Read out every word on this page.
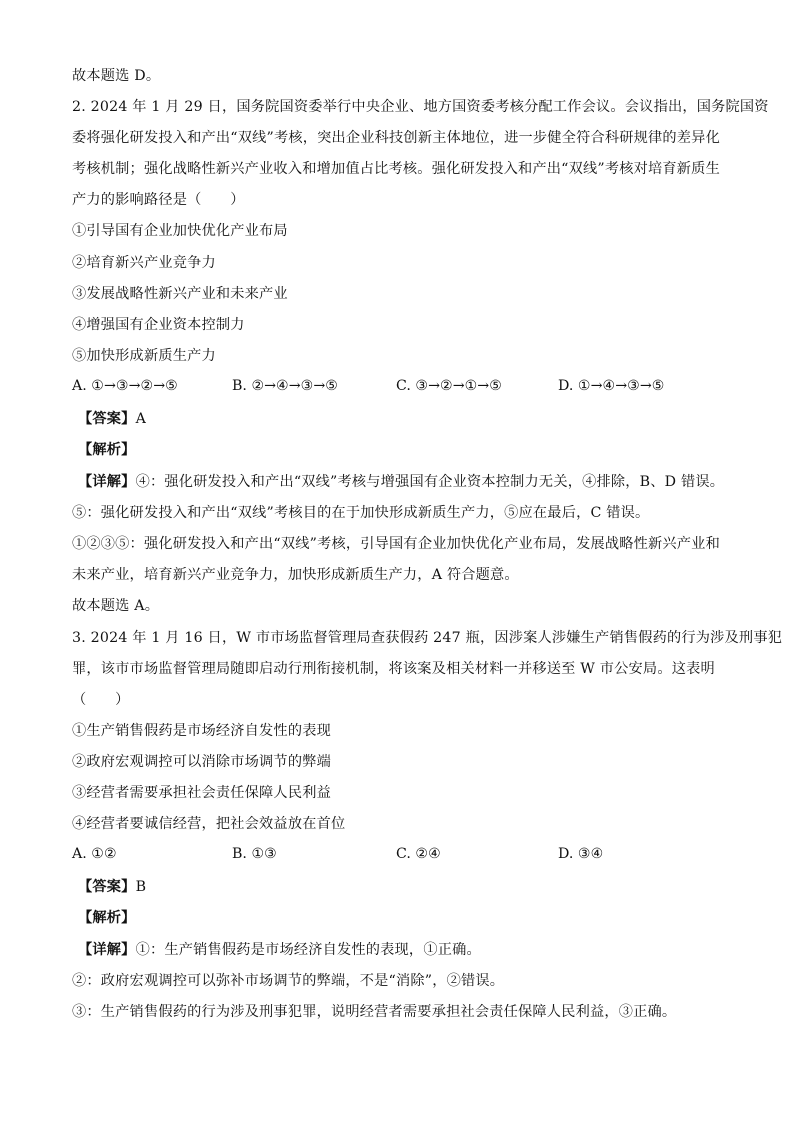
故本题选 D。
2. 2024 年 1 月 29 日，国务院国资委举行中央企业、地方国资委考核分配工作会议。会议指出，国务院国资
委将强化研发投入和产出“双线”考核，突出企业科技创新主体地位，进一步健全符合科研规律的差异化
考核机制；强化战略性新兴产业收入和增加值占比考核。强化研发投入和产出“双线”考核对培育新质生
产力的影响路径是（　　）
①引导国有企业加快优化产业布局
②培育新兴产业竞争力
③发展战略性新兴产业和未来产业
④增强国有企业资本控制力
⑤加快形成新质生产力
A. ①→③→②→⑤	B. ②→④→③→⑤	C. ③→②→①→⑤	D. ①→④→③→⑤
【答案】A
【解析】
【详解】④：强化研发投入和产出“双线”考核与增强国有企业资本控制力无关，④排除，B、D 错误。
⑤：强化研发投入和产出“双线”考核目的在于加快形成新质生产力，⑤应在最后，C 错误。
①②③⑤：强化研发投入和产出“双线”考核，引导国有企业加快优化产业布局，发展战略性新兴产业和
未来产业，培育新兴产业竞争力，加快形成新质生产力，A 符合题意。
故本题选 A。
3. 2024 年 1 月 16 日，W 市市场监督管理局查获假药 247 瓶，因涉案人涉嫌生产销售假药的行为涉及刑事犯
罪，该市市场监督管理局随即启动行刑衔接机制，将该案及相关材料一并移送至 W 市公安局。这表明
（　　）
①生产销售假药是市场经济自发性的表现
②政府宏观调控可以消除市场调节的弊端
③经营者需要承担社会责任保障人民利益
④经营者要诚信经营，把社会效益放在首位
A. ①②	B. ①③	C. ②④	D. ③④
【答案】B
【解析】
【详解】①：生产销售假药是市场经济自发性的表现，①正确。
②：政府宏观调控可以弥补市场调节的弊端，不是“消除”，②错误。
③：生产销售假药的行为涉及刑事犯罪，说明经营者需要承担社会责任保障人民利益，③正确。
